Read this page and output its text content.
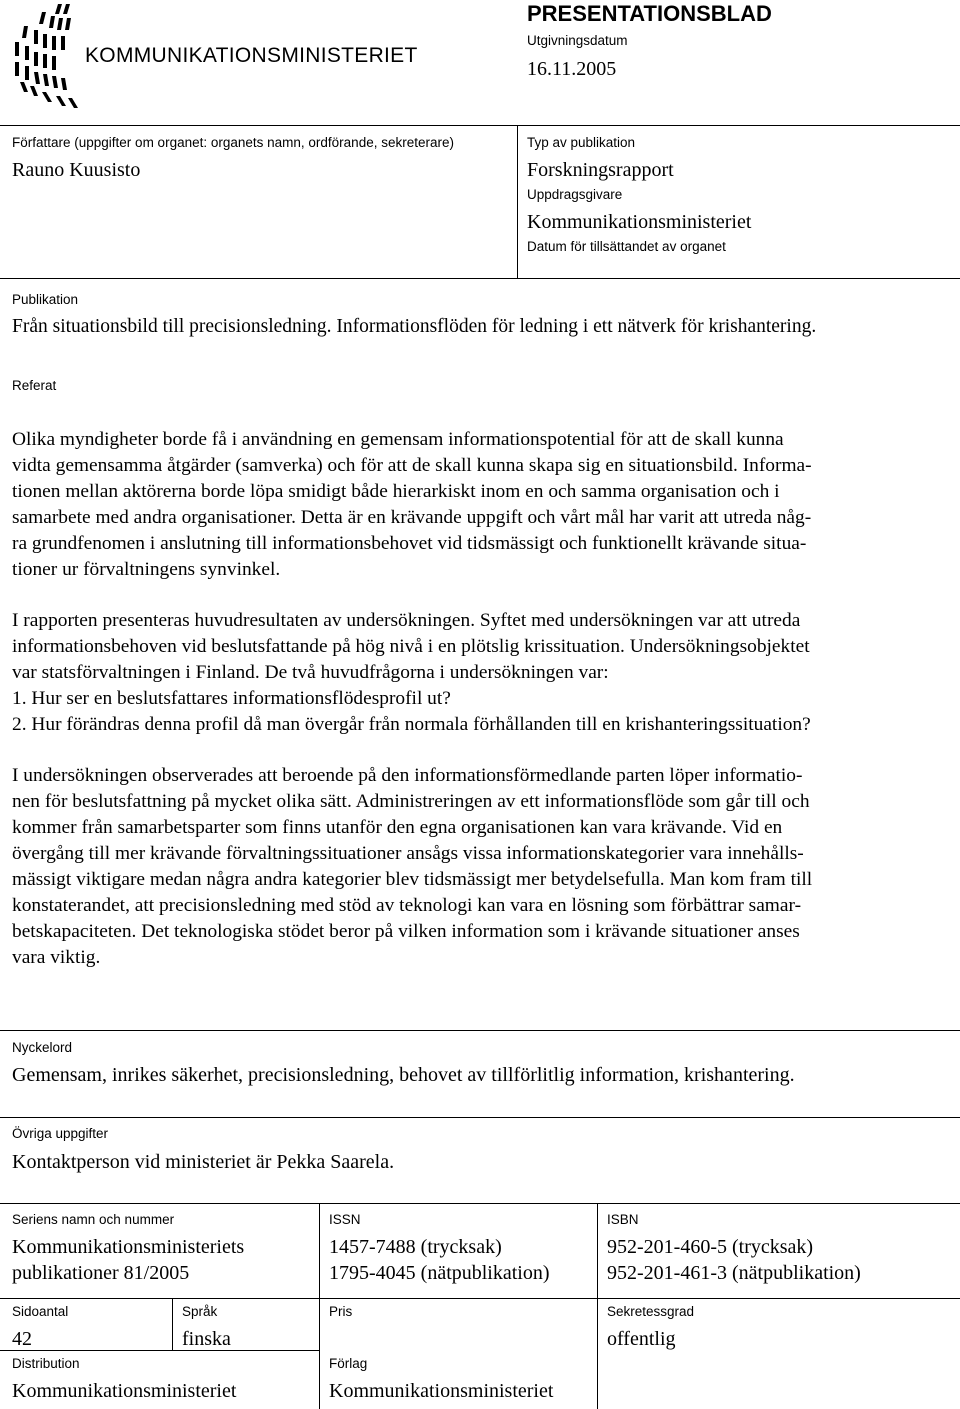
KOMMUNIKATIONSMINISTERIET
PRESENTATIONSBLAD
Utgivningsdatum
16.11.2005
Författare (uppgifter om organet: organets namn, ordförande, sekreterare)
Rauno Kuusisto
Typ av publikation
Forskningsrapport
Uppdragsgivare
Kommunikationsministeriet
Datum för tillsättandet av organet
Publikation
Från situationsbild till precisionsledning. Informationsflöden för ledning i ett nätverk för krishantering.
Referat
Olika myndigheter borde få i användning en gemensam informationspotential för att de skall kunna
vidta gemensamma åtgärder (samverka) och för att de skall kunna skapa sig en situationsbild. Informa-
tionen mellan aktörerna borde löpa smidigt både hierarkiskt inom en och samma organisation och i
samarbete med andra organisationer. Detta är en krävande uppgift och vårt mål har varit att utreda någ-
ra grundfenomen i anslutning till informationsbehovet vid tidsmässigt och funktionellt krävande situa-
tioner ur förvaltningens synvinkel.
I rapporten presenteras huvudresultaten av undersökningen. Syftet med undersökningen var att utreda
informationsbehoven vid beslutsfattande på hög nivå i en plötslig krissituation. Undersökningsobjektet
var statsförvaltningen i Finland. De två huvudfrågorna i undersökningen var:
1. Hur ser en beslutsfattares informationsflödesprofil ut?
2. Hur förändras denna profil då man övergår från normala förhållanden till en krishanteringssituation?
I undersökningen observerades att beroende på den informationsförmedlande parten löper informatio-
nen för beslutsfattning på mycket olika sätt. Administreringen av ett informationsflöde som går till och
kommer från samarbetsparter som finns utanför den egna organisationen kan vara krävande. Vid en
övergång till mer krävande förvaltningssituationer ansågs vissa informationskategorier vara innehålls-
mässigt viktigare medan några andra kategorier blev tidsmässigt mer betydelsefulla. Man kom fram till
konstaterandet, att precisionsledning med stöd av teknologi kan vara en lösning som förbättrar samar-
betskapaciteten. Det teknologiska stödet beror på vilken information som i krävande situationer anses
vara viktig.
Nyckelord
Gemensam, inrikes säkerhet, precisionsledning, behovet av tillförlitlig information, krishantering.
Övriga uppgifter
Kontaktperson vid ministeriet är Pekka Saarela.
Seriens namn och nummer
Kommunikationsministeriets
publikationer 81/2005
ISSN
1457-7488 (trycksak)
1795-4045 (nätpublikation)
ISBN
952-201-460-5 (trycksak)
952-201-461-3 (nätpublikation)
Sidoantal
42
Språk
finska
Pris	Sekretessgrad
offentlig
Distribution
Kommunikationsministeriet
Förlag
Kommunikationsministeriet
